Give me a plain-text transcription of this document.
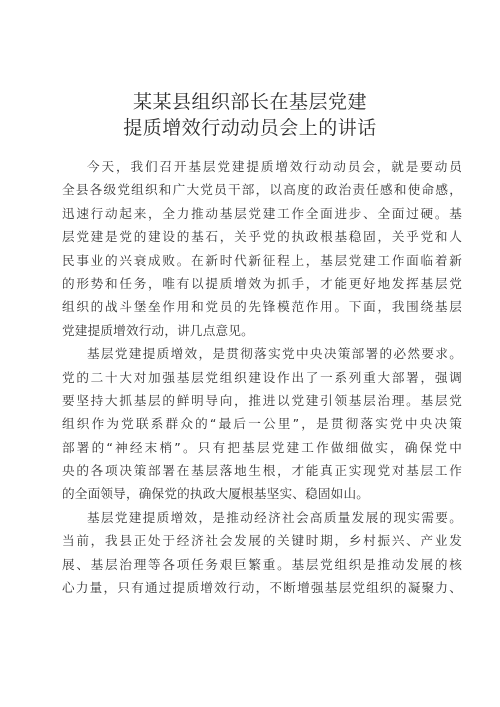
某某县组织部长在基层党建
提质增效行动动员会上的讲话
今天，我们召开基层党建提质增效行动动员会，就是要动员
全县各级党组织和广大党员干部，以高度的政治责任感和使命感，
迅速行动起来，全力推动基层党建工作全面进步、全面过硬。基
层党建是党的建设的基石，关乎党的执政根基稳固，关乎党和人
民事业的兴衰成败。在新时代新征程上，基层党建工作面临着新
的形势和任务，唯有以提质增效为抓手，才能更好地发挥基层党
组织的战斗堡垒作用和党员的先锋模范作用。下面，我围绕基层
党建提质增效行动，讲几点意见。
基层党建提质增效，是贯彻落实党中央决策部署的必然要求。
党的二十大对加强基层党组织建设作出了一系列重大部署，强调
要坚持大抓基层的鲜明导向，推进以党建引领基层治理。基层党
组织作为党联系群众的“最后一公里”，是贯彻落实党中央决策
部署的“神经末梢”。只有把基层党建工作做细做实，确保党中
央的各项决策部署在基层落地生根，才能真正实现党对基层工作
的全面领导，确保党的执政大厦根基坚实、稳固如山。
基层党建提质增效，是推动经济社会高质量发展的现实需要。
当前，我县正处于经济社会发展的关键时期，乡村振兴、产业发
展、基层治理等各项任务艰巨繁重。基层党组织是推动发展的核
心力量，只有通过提质增效行动，不断增强基层党组织的凝聚力、
